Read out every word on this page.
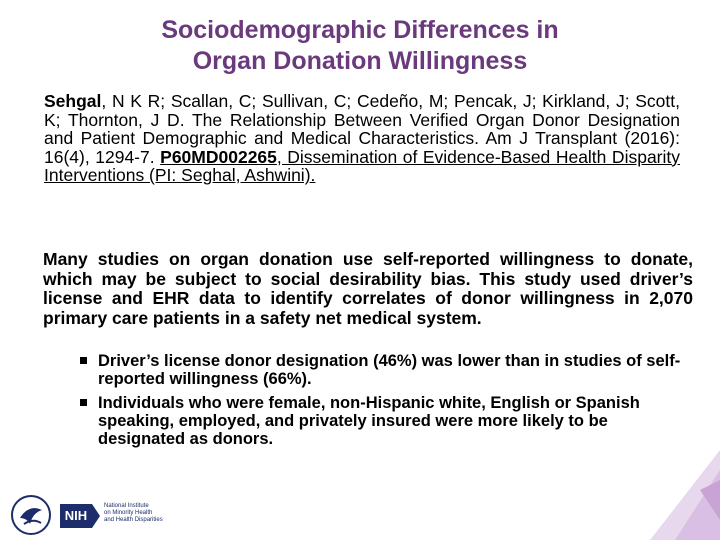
Sociodemographic Differences in
Organ Donation Willingness
Sehgal, N K R; Scallan, C; Sullivan, C; Cedeño, M; Pencak, J; Kirkland, J; Scott, K; Thornton, J D. The Relationship Between Verified Organ Donor Designation and Patient Demographic and Medical Characteristics. Am J Transplant (2016): 16(4), 1294-7. P60MD002265, Dissemination of Evidence-Based Health Disparity Interventions (PI: Seghal, Ashwini).
Many studies on organ donation use self-reported willingness to donate, which may be subject to social desirability bias. This study used driver’s license and EHR data to identify correlates of donor willingness in 2,070 primary care patients in a safety net medical system.
Driver’s license donor designation (46%) was lower than in studies of self-reported willingness (66%).
Individuals who were female, non-Hispanic white, English or Spanish speaking, employed, and privately insured were more likely to be designated as donors.
NIH
National Institute
on Minority Health
and Health Disparities
